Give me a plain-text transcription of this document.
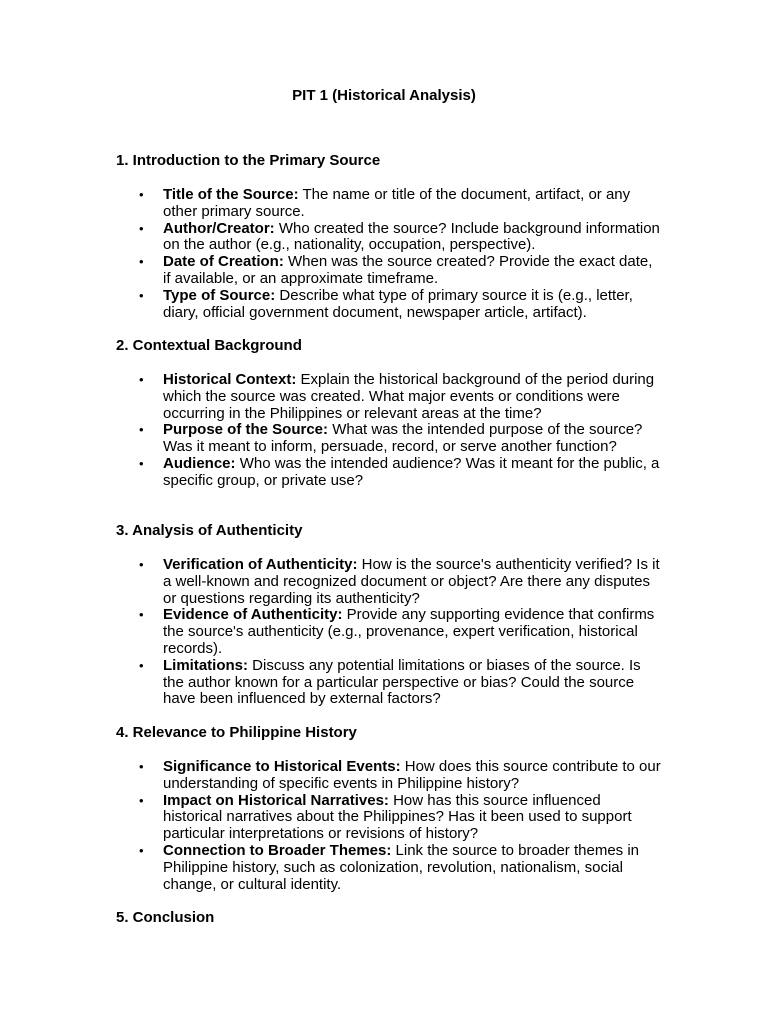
PIT 1 (Historical Analysis)
1. Introduction to the Primary Source
• Title of the Source: The name or title of the document, artifact, or any other primary source.
• Author/Creator: Who created the source? Include background information on the author (e.g., nationality, occupation, perspective).
• Date of Creation: When was the source created? Provide the exact date, if available, or an approximate timeframe.
• Type of Source: Describe what type of primary source it is (e.g., letter, diary, official government document, newspaper article, artifact).
2. Contextual Background
• Historical Context: Explain the historical background of the period during which the source was created. What major events or conditions were occurring in the Philippines or relevant areas at the time?
• Purpose of the Source: What was the intended purpose of the source? Was it meant to inform, persuade, record, or serve another function?
• Audience: Who was the intended audience? Was it meant for the public, a specific group, or private use?
3. Analysis of Authenticity
• Verification of Authenticity: How is the source's authenticity verified? Is it a well-known and recognized document or object? Are there any disputes or questions regarding its authenticity?
• Evidence of Authenticity: Provide any supporting evidence that confirms the source's authenticity (e.g., provenance, expert verification, historical records).
• Limitations: Discuss any potential limitations or biases of the source. Is the author known for a particular perspective or bias? Could the source have been influenced by external factors?
4. Relevance to Philippine History
• Significance to Historical Events: How does this source contribute to our understanding of specific events in Philippine history?
• Impact on Historical Narratives: How has this source influenced historical narratives about the Philippines? Has it been used to support particular interpretations or revisions of history?
• Connection to Broader Themes: Link the source to broader themes in Philippine history, such as colonization, revolution, nationalism, social change, or cultural identity.
5. Conclusion
